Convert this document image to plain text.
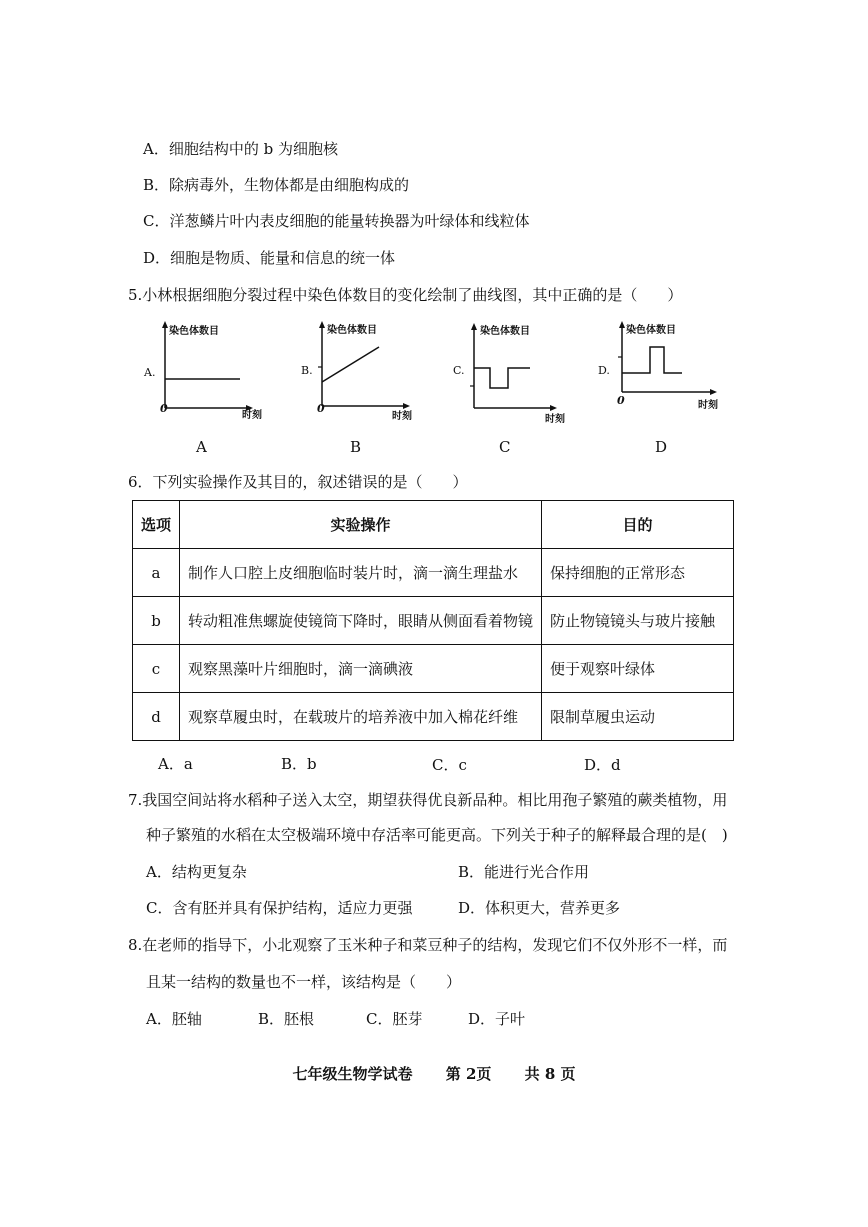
A．细胞结构中的 b 为细胞核
B．除病毒外，生物体都是由细胞构成的
C．洋葱鳞片叶内表皮细胞的能量转换器为叶绿体和线粒体
D．细胞是物质、能量和信息的统一体
5.小林根据细胞分裂过程中染色体数目的变化绘制了曲线图，其中正确的是（　　）
染色体数目
A.
0
时刻
A
染色体数目
B.
0
时刻
B
染色体数目
C.
时刻
C
染色体数目
D.
0	时刻
D
6．下列实验操作及其目的，叙述错误的是（　　）
选项	实验操作	目的
a	制作人口腔上皮细胞临时装片时，滴一滴生理盐水	保持细胞的正常形态
b	转动粗准焦螺旋使镜筒下降时，眼睛从侧面看着物镜	防止物镜镜头与玻片接触
c	观察黑藻叶片细胞时，滴一滴碘液	便于观察叶绿体
d	观察草履虫时，在载玻片的培养液中加入棉花纤维	限制草履虫运动
A．a	B．b	C．c	D．d
7.我国空间站将水稻种子送入太空，期望获得优良新品种。相比用孢子繁殖的蕨类植物，用
种子繁殖的水稻在太空极端环境中存活率可能更高。下列关于种子的解释最合理的是(　)
A．结构更复杂	B．能进行光合作用
C．含有胚并具有保护结构，适应力更强	D．体积更大，营养更多
8.在老师的指导下，小北观察了玉米种子和菜豆种子的结构，发现它们不仅外形不一样，而
且某一结构的数量也不一样，该结构是（　　）
A．胚轴	B．胚根	C．胚芽	D．子叶
七年级生物学试卷 第 2页 共 8 页
